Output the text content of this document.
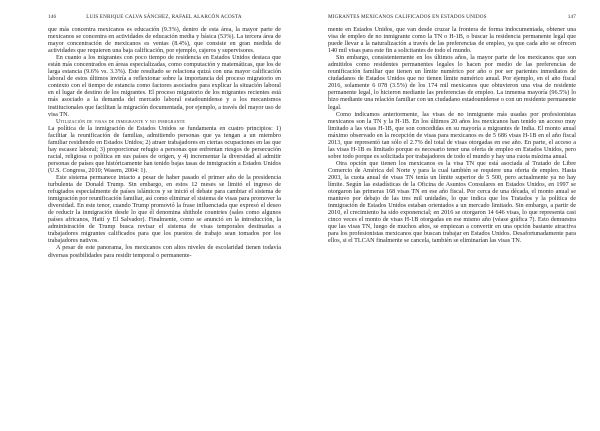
146	LUIS ENRIQUE CALVA SÁNCHEZ, RAFAEL ALARCÓN ACOSTA

que más concentra mexicanos es educación (9.3%), dentro de esta área, la mayor parte de mexicanos se concentra en actividades de educación media y básica (53%). La tercera área de mayor concentración de mexicanos es ventas (8.4%), que consiste en gran medida de actividades que requieren una baja calificación, por ejemplo, cajeros y supervisores.

En cuanto a los migrantes con poco tiempo de residencia en Estados Unidos destaca que están más concentrados en áreas especializadas, como computación y matemáticas, que los de larga estancia (9.6% vs. 3.3%). Este resultado se relaciona quizá con una mayor calificación laboral de estos últimos inviría a reflexionar sobre la importancia del proceso migratorio en contexto con el tiempo de estancia como factores asociados para explicar la situación laboral en el lugar de destino de los migrantes. El proceso migratorio de los migrantes recientes está más asociado a la demanda del mercado laboral estadounidense y a los mecanismos institucionales que facilitan la migración documentada, por ejemplo, a través del mayor uso de visa TN.

Utilización de visas de inmigrante y no inmigrante

La política de la inmigración de Estados Unidos se fundamenta en cuatro principios: 1) facilitar la reunificación de familias, admitiendo personas que ya tengan a un miembro familiar residiendo en Estados Unidos; 2) atraer trabajadores en ciertas ocupaciones en las que hay escasez laboral; 3) proporcionar refugio a personas que enfrentan riesgos de persecución racial, religiosa o política en sus países de origen, y 4) incrementar la diversidad al admitir personas de países que históricamente han tenido bajas tasas de inmigración a Estados Unidos (U.S. Congress, 2010; Wasem, 2004: 1).

Este sistema permanece intacto a pesar de haber pasado el primer año de la presidencia turbulenta de Donald Trump. Sin embargo, en estos 12 meses se limitó el ingreso de refugiados especialmente de países islámicos y se inició el debate para cambiar el sistema de inmigración por reunificación familiar, así como eliminar el sistema de visas para promover la diversidad. En este tenor, cuando Trump promovió la frase influenciada que expresó el deseo de reducir la inmigración desde lo que él denomina shithole countries (sales como algunos países africanos, Haití y El Salvador). Finalmente, como se anunció en la introducción, la administración de Trump busca revisar el sistema de visas temporales destinadas a trabajadores migrantes calificados para que los puestos de trabajo sean tomados por los trabajadores nativos.

A pesar de este panorama, los mexicanos con altos niveles de escolaridad tienen todavía diversas posibilidades para residir temporal o permanente-

MIGRANTES MEXICANOS CALIFICADOS EN ESTADOS UNIDOS	147

mente en Estados Unidos, que van desde cruzar la frontera de forma indocumentada, obtener una visa de empleo de no inmigrante como la TN o H-1B, o buscar la residencia permanente legal que puede llevar a la naturalización a través de las preferencias de empleo, ya que cada año se ofrecen 140 mil visas para este fin a solicitantes de todo el mundo.

Sin embargo, consistentemente en los últimos años, la mayor parte de los mexicanos que son admitidos como residentes permanentes legales lo hacen por medio de las preferencias de reunificación familiar que tienen un límite numérico por año o por ser parientes inmediatos de ciudadanos de Estados Unidos que no tienen límite numérico anual. Por ejemplo, en el año fiscal 2016, solamente 6 078 (3.5%) de los 174 mil mexicanos que obtuvieron una visa de residente permanente legal, lo hicieron mediante las preferencias de empleo. La inmensa mayoría (96.5%) lo hizo mediante una relación familiar con un ciudadano estadounidense o con un residente permanente legal.

Como indicamos anteriormente, las visas de no inmigrante más usadas por profesionistas mexicanos son la TN y la H-1B. En los últimos 20 años los mexicanos han tenido un acceso muy limitado a las visas H-1B, que son concedidas en su mayoría a migrantes de India. El monto anual máximo observado en la recepción de visas para mexicanos es de 5 686 visas H-1B en el año fiscal 2013, que representó tan sólo el 2.7% del total de visas otorgadas en ese año. En parte, el acceso a las visas H-1B es limitado porque es necesario tener una oferta de empleo en Estados Unidos, pero sobre todo porque es solicitada por trabajadores de todo el mundo y hay una cuota máxima anual.

Otra opción que tienen los mexicanos es la visa TN que está asociada al Tratado de Libre Comercio de América del Norte y para la cual también se requiere una oferta de empleo. Hasta 2003, la cuota anual de visas TN tenía un límite superior de 5 500, pero actualmente ya no hay límite. Según las estadísticas de la Oficina de Asuntos Consulares en Estados Unidos, en 1997 se otorgaron las primeras 168 visas TN en ese año fiscal. Por cerca de una década, el monto anual se mantuvo por debajo de las tres mil unidades, lo que indica que los Tratados y la política de inmigración de Estados Unidos estaban orientados a un mercado limitado. Sin embargo, a partir de 2010, el crecimiento ha sido exponencial; en 2016 se otorgaron 14 646 visas, lo que representa casi cinco veces el monto de visas H-1B otorgadas en ese mismo año (véase gráfica 7). Esto demuestra que las visas TN, luego de muchos años, se empiezan a convertir en una opción bastante atractiva para los profesionistas mexicanos que buscan trabajar en Estados Unidos. Desafortunadamente para ellos, si el TLCAN finalmente se cancela, también se eliminarían las visas TN.
